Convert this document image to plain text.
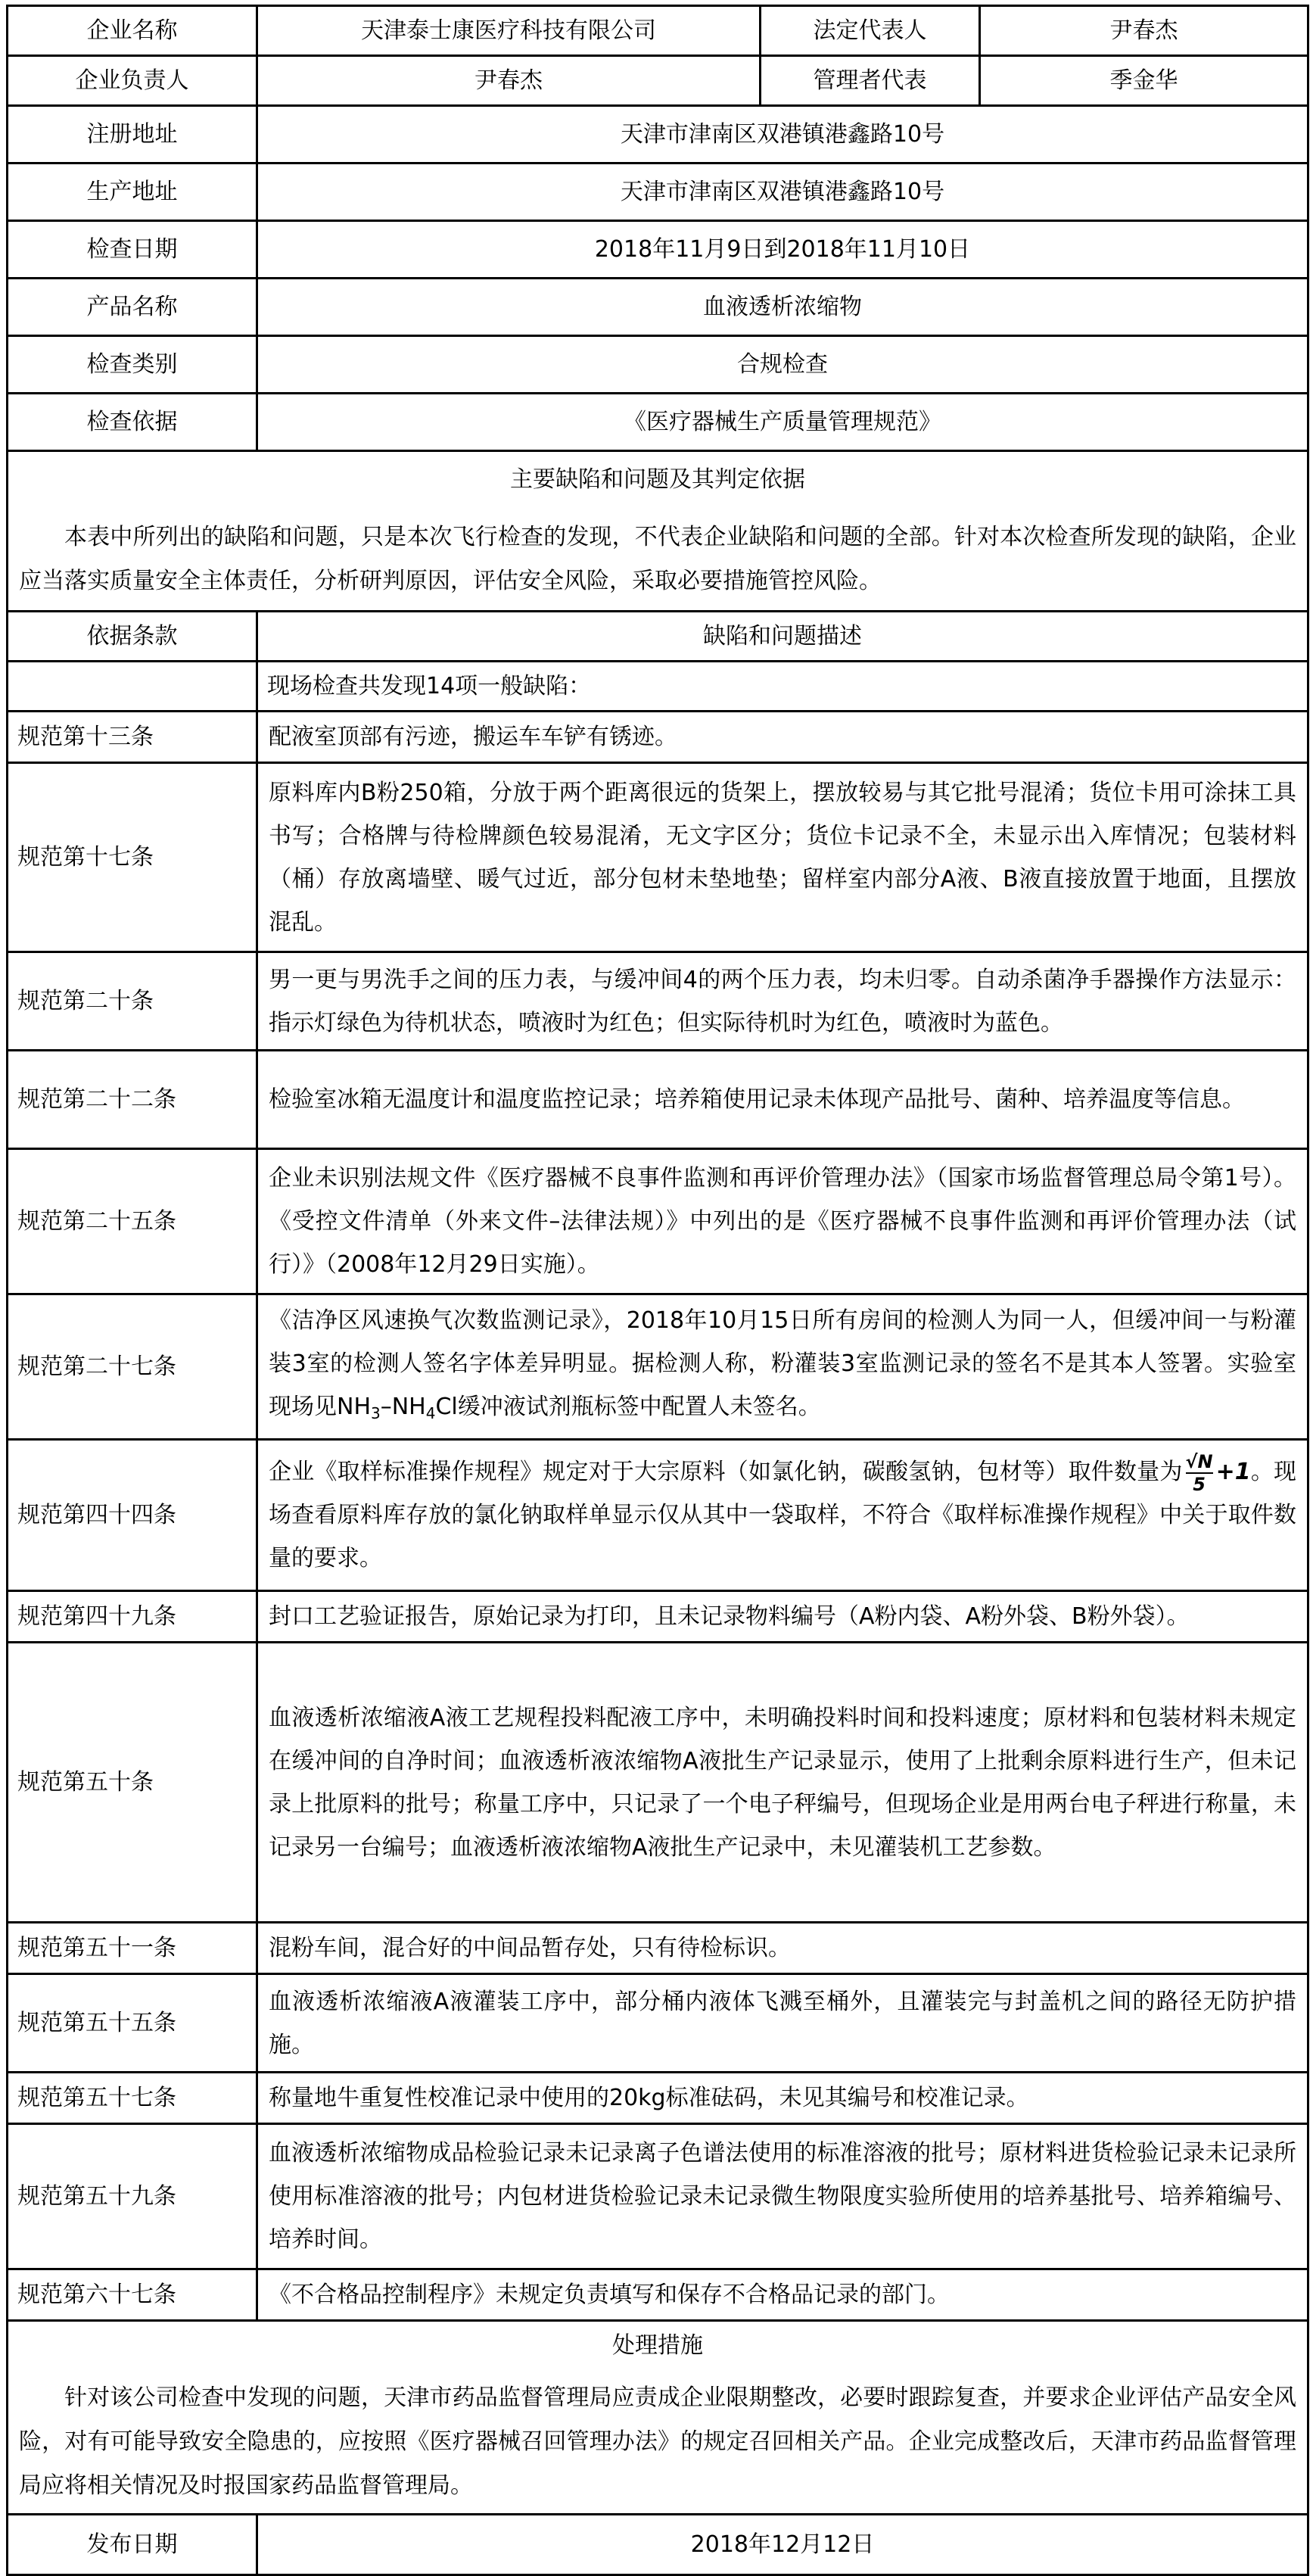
企业名称	天津泰士康医疗科技有限公司	法定代表人	尹春杰
企业负责人	尹春杰	管理者代表	季金华
注册地址	天津市津南区双港镇港鑫路10号		
生产地址	天津市津南区双港镇港鑫路10号		
检查日期	2018年11月9日到2018年11月10日		
产品名称	血液透析浓缩物		
检查类别	合规检查		
检查依据	《医疗器械生产质量管理规范》		
主要缺陷和问题及其判定依据			
本表中所列出的缺陷和问题，只是本次飞行检查的发现，不代表企业缺陷和问题的全部。针对本次检查所发现的缺陷，企业应当落实质量安全主体责任，分析研判原因，评估安全风险，采取必要措施管控风险。			
依据条款	缺陷和问题描述		
	现场检查共发现14项一般缺陷：		
规范第十三条	配液室顶部有污迹，搬运车车铲有锈迹。		
规范第十七条	原料库内B粉250箱，分放于两个距离很远的货架上，摆放较易与其它批号混淆；货位卡用可涂抹工具书写；合格牌与待检牌颜色较易混淆，无文字区分；货位卡记录不全，未显示出入库情况；包装材料（桶）存放离墙壁、暖气过近，部分包材未垫地垫；留样室内部分A液、B液直接放置于地面，且摆放混乱。		
规范第二十条	男一更与男洗手之间的压力表，与缓冲间4的两个压力表，均未归零。自动杀菌净手器操作方法显示：指示灯绿色为待机状态，喷液时为红色；但实际待机时为红色，喷液时为蓝色。		
规范第二十二条	检验室冰箱无温度计和温度监控记录；培养箱使用记录未体现产品批号、菌种、培养温度等信息。		
规范第二十五条	企业未识别法规文件《医疗器械不良事件监测和再评价管理办法》（国家市场监督管理总局令第1号）。《受控文件清单（外来文件–法律法规）》中列出的是《医疗器械不良事件监测和再评价管理办法（试行）》（2008年12月29日实施）。		
规范第二十七条	《洁净区风速换气次数监测记录》，2018年10月15日所有房间的检测人为同一人，但缓冲间一与粉灌装3室的检测人签名字体差异明显。据检测人称，粉灌装3室监测记录的签名不是其本人签署。实验室现场见$NH_3-NH_4Cl$缓冲液试剂瓶标签中配置人未签名。		
规范第四十四条	企业《取样标准操作规程》规定对于大宗原料（如氯化钠，碳酸氢钠，包材等）取件数量为 $\frac{√N}{5} +1$。现场查看原料库存放的氯化钠取样单显示仅从其中一袋取样，不符合《取样标准操作规程》中关于取件数量的要求。		
规范第四十九条	封口工艺验证报告，原始记录为打印，且未记录物料编号（A粉内袋、A粉外袋、B粉外袋）。		
规范第五十条	血液透析浓缩液A液工艺规程投料配液工序中，未明确投料时间和投料速度；原材料和包装材料未规定在缓冲间的自净时间；血液透析液浓缩物A液批生产记录显示，使用了上批剩余原料进行生产，但未记录上批原料的批号；称量工序中，只记录了一个电子秤编号，但现场企业是用两台电子秤进行称量，未记录另一台编号；血液透析液浓缩物A液批生产记录中，未见灌装机工艺参数。		
规范第五十一条	混粉车间，混合好的中间品暂存处，只有待检标识。		
规范第五十五条	血液透析浓缩液A液灌装工序中，部分桶内液体飞溅至桶外，且灌装完与封盖机之间的路径无防护措施。		
规范第五十七条	称量地牛重复性校准记录中使用的20kg标准砝码，未见其编号和校准记录。		
规范第五十九条	血液透析浓缩物成品检验记录未记录离子色谱法使用的标准溶液的批号；原材料进货检验记录未记录所使用标准溶液的批号；内包材进货检验记录未记录微生物限度实验所使用的培养基批号、培养箱编号、培养时间。		
规范第六十七条	《不合格品控制程序》未规定负责填写和保存不合格品记录的部门。		
处理措施			
针对该公司检查中发现的问题，天津市药品监督管理局应责成企业限期整改，必要时跟踪复查，并要求企业评估产品安全风险，对有可能导致安全隐患的，应按照《医疗器械召回管理办法》的规定召回相关产品。企业完成整改后，天津市药品监督管理局应将相关情况及时报国家药品监督管理局。			
发布日期	2018年12月12日		
